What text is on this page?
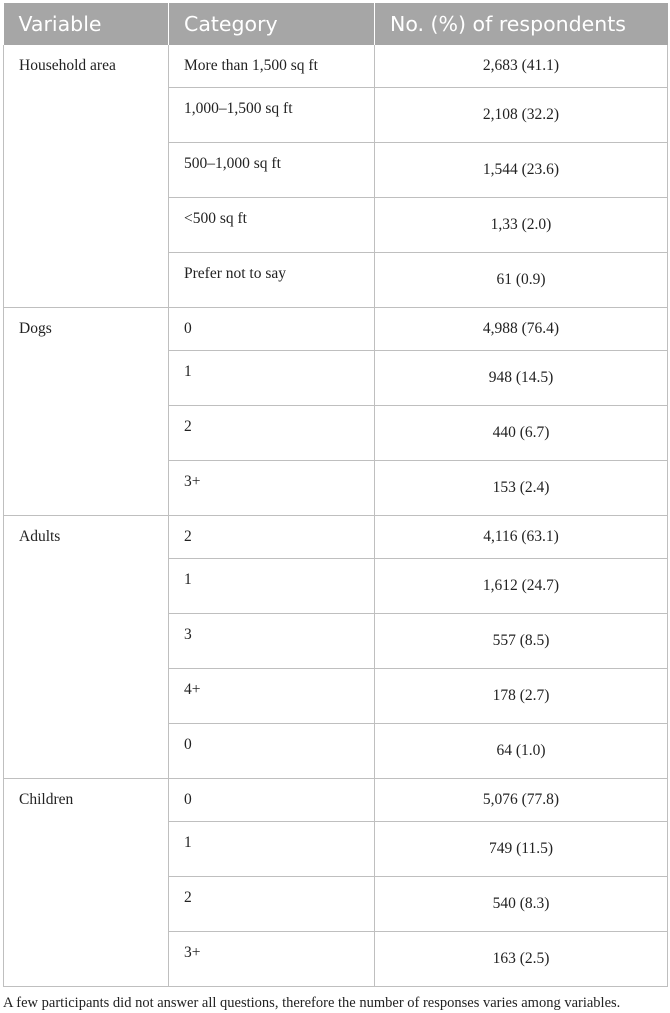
Variable	Category	No. (%) of respondents
Household area	More than 1,500 sq ft	2,683 (41.1)
	1,000–1,500 sq ft	2,108 (32.2)
	500–1,000 sq ft	1,544 (23.6)
	<500 sq ft	1,33 (2.0)
	Prefer not to say	61 (0.9)
Dogs	0	4,988 (76.4)
	1	948 (14.5)
	2	440 (6.7)
	3+	153 (2.4)
Adults	2	4,116 (63.1)
	1	1,612 (24.7)
	3	557 (8.5)
	4+	178 (2.7)
	0	64 (1.0)
Children	0	5,076 (77.8)
	1	749 (11.5)
	2	540 (8.3)
	3+	163 (2.5)
A few participants did not answer all questions, therefore the number of responses varies among variables.
